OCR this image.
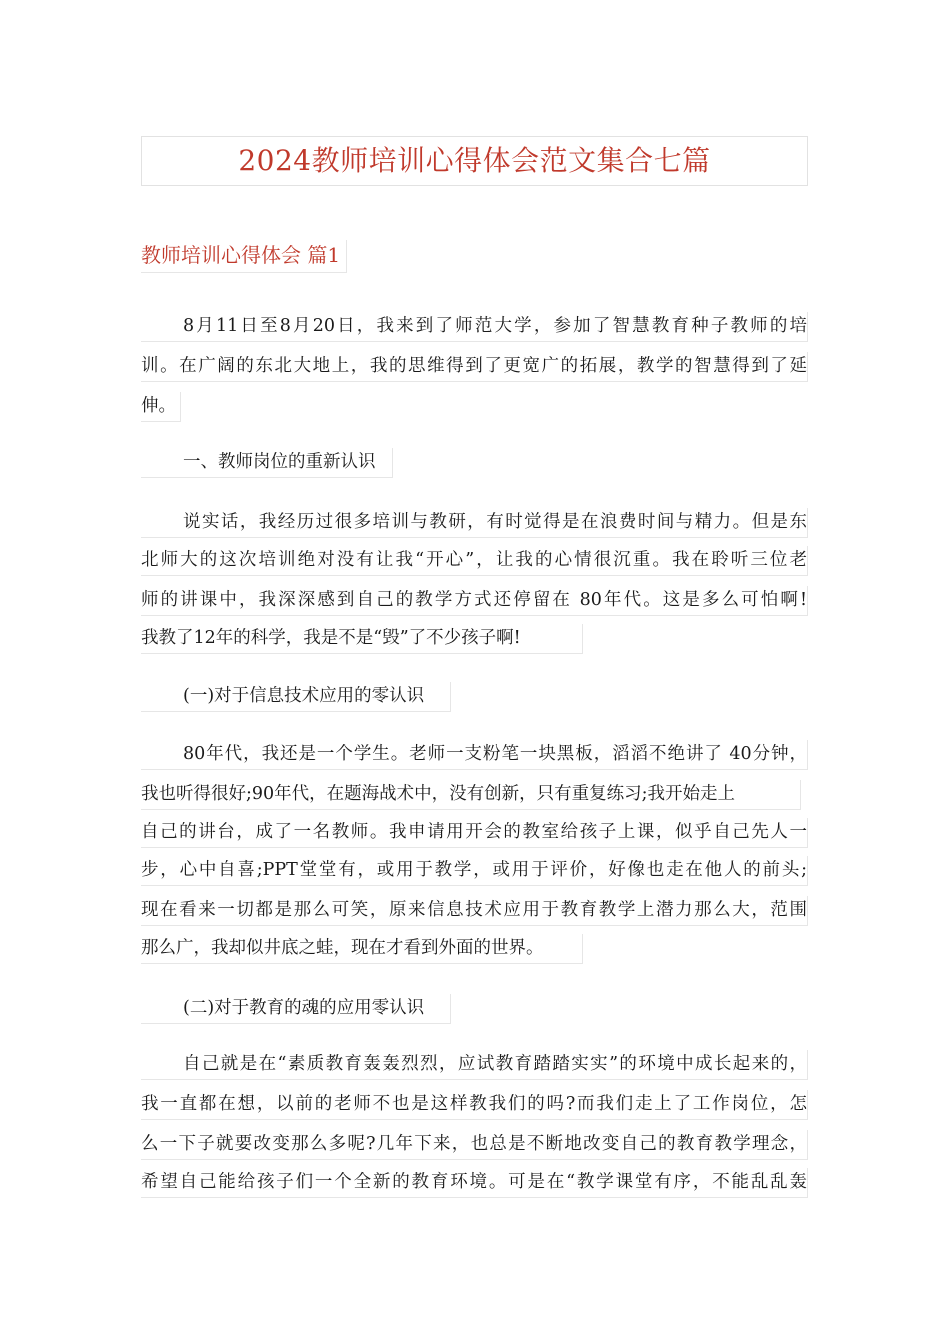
2024教师培训心得体会范文集合七篇
教师培训心得体会 篇1
8月11日至8月20日，我来到了师范大学，参加了智慧教育种子教师的培
训。在广阔的东北大地上，我的思维得到了更宽广的拓展，教学的智慧得到了延
伸。
一、教师岗位的重新认识
说实话，我经历过很多培训与教研，有时觉得是在浪费时间与精力。但是东
北师大的这次培训绝对没有让我“开心”，让我的心情很沉重。我在聆听三位老
师的讲课中，我深深感到自己的教学方式还停留在 80年代。这是多么可怕啊!
我教了12年的科学，我是不是“毁”了不少孩子啊!
(一)对于信息技术应用的零认识
80年代，我还是一个学生。老师一支粉笔一块黑板，滔滔不绝讲了 40分钟，
我也听得很好;90年代，在题海战术中，没有创新，只有重复练习;我开始走上
自己的讲台，成了一名教师。我申请用开会的教室给孩子上课，似乎自己先人一
步，心中自喜;PPT堂堂有，或用于教学，或用于评价，好像也走在他人的前头;
现在看来一切都是那么可笑，原来信息技术应用于教育教学上潜力那么大，范围
那么广，我却似井底之蛙，现在才看到外面的世界。
(二)对于教育的魂的应用零认识
自己就是在“素质教育轰轰烈烈，应试教育踏踏实实”的环境中成长起来的，
我一直都在想，以前的老师不也是这样教我们的吗?而我们走上了工作岗位，怎
么一下子就要改变那么多呢?几年下来，也总是不断地改变自己的教育教学理念，
希望自己能给孩子们一个全新的教育环境。可是在“教学课堂有序，不能乱乱轰
